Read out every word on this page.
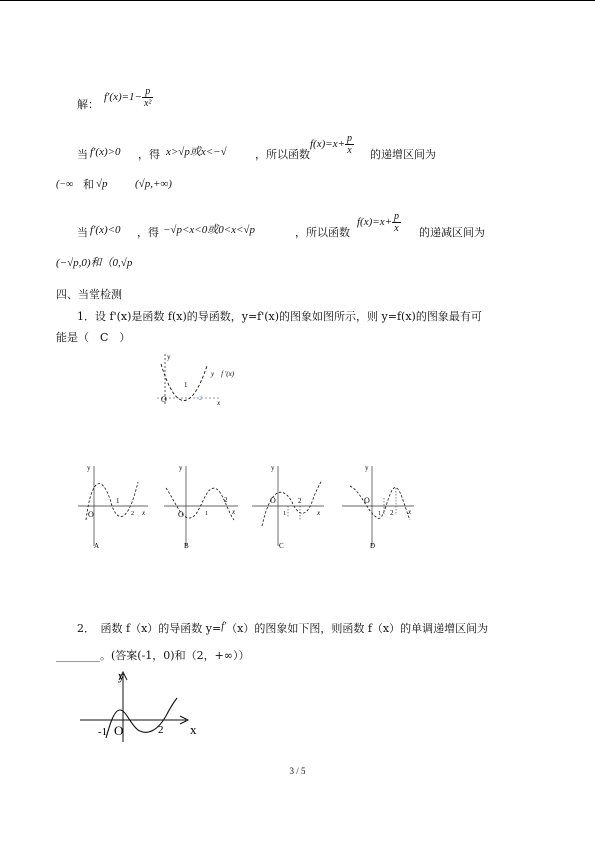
解：
$f'(x)=1- \frac{p}{\text{x²}}$
当 f'(x)>0 ，得 x>√p或x<−√	，所以函数
$f(x)=x+ \frac{p}{x}$ 的递增区间为
(−∞ 和 √p (√p,+∞)
当 f'(x)<0 ，得 −√p<x<0或0<x<√p	，所以函数
$f(x)=x+ \frac{p}{x}$ 的递减区间为
(−√p,0)和（0,√p
四、当堂检测
1．设 f'(x)是函数 f(x)的导函数，y=f'(x)的图象如图所示，则 y=f(x)的图象最有可
能是（　C　）
y
y　f '(x)
O
1
2 x
y
O
1
2 x
A
y
O	1
2
x
B
y
O
1
2
x
C
y
O
1 2 x
D
2．　函数 f（x）的导函数 y=f'（x）的图象如下图，则函数 f（x）的单调递增区间为
________。(答案(-1，0)和（2，+∞））
y
-1 O	2 x
3 / 5
